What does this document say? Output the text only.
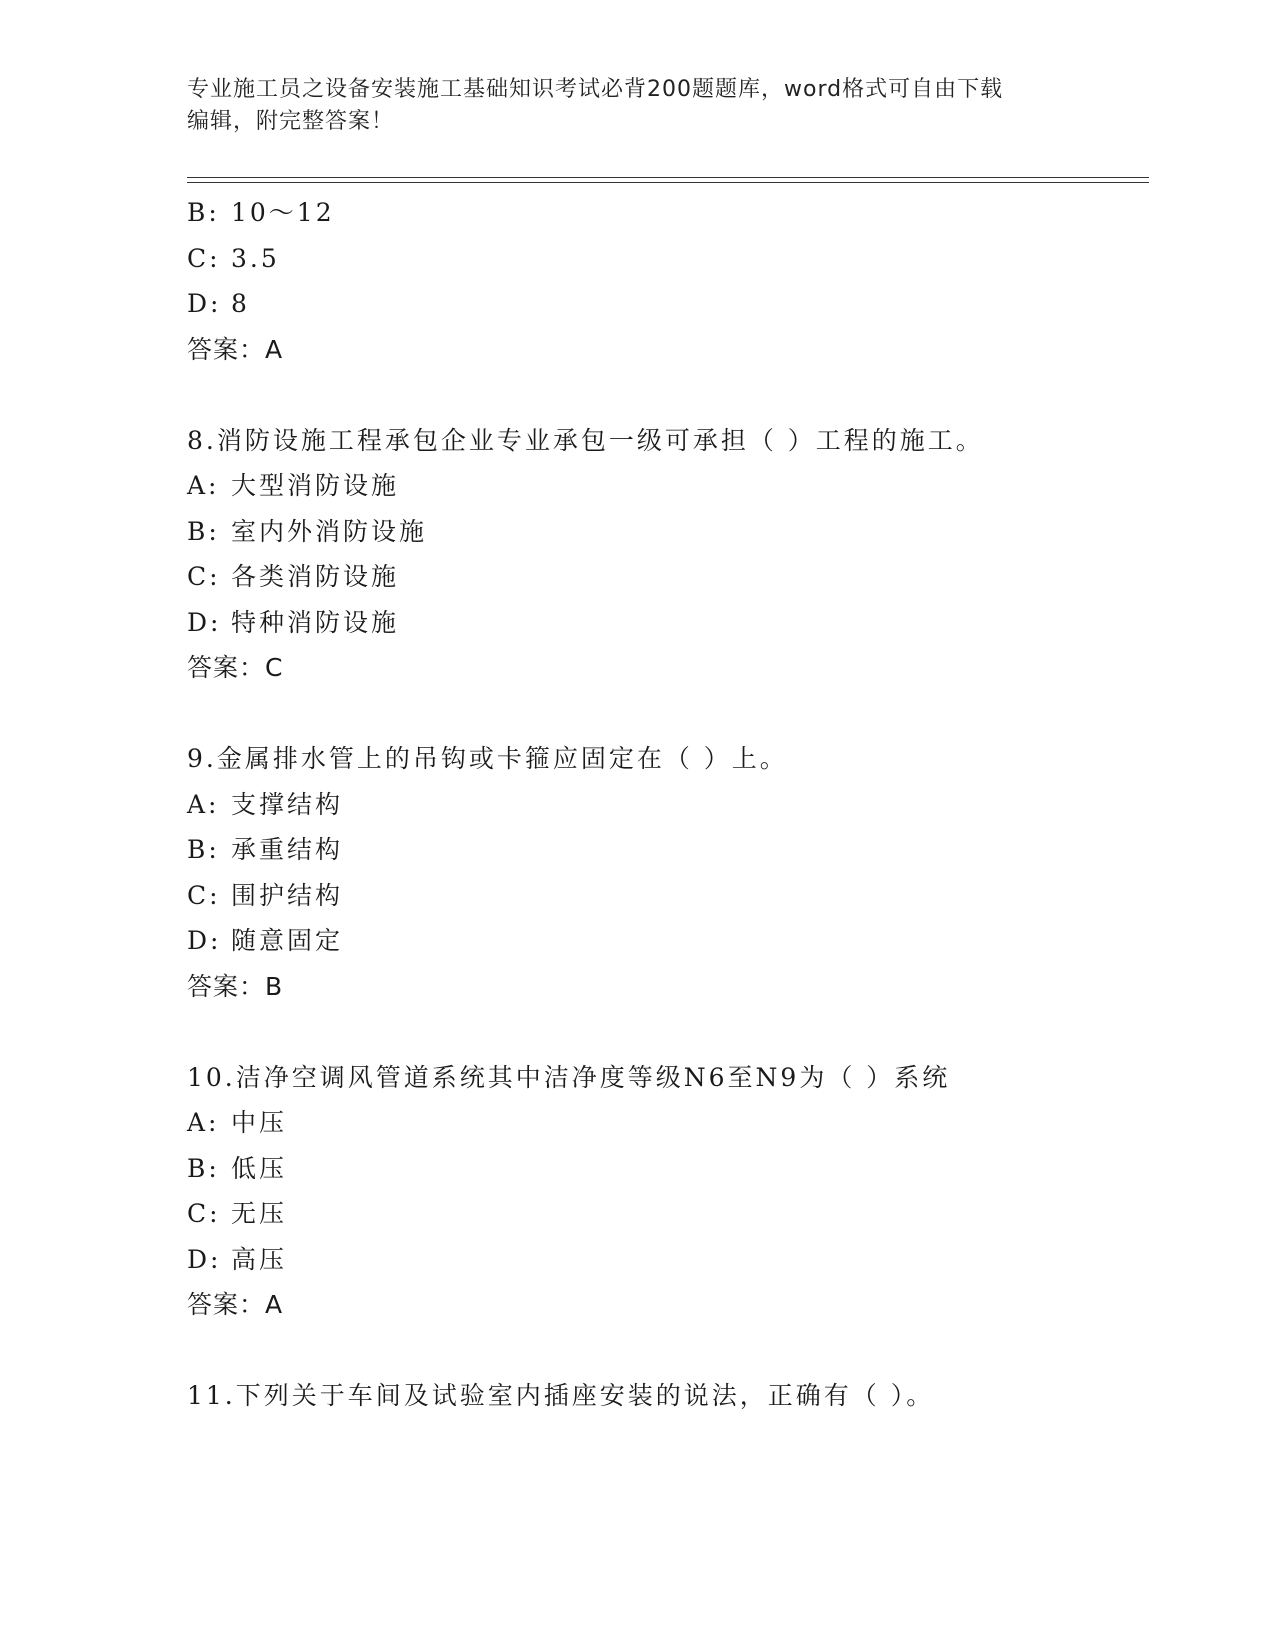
专业施工员之设备安装施工基础知识考试必背200题题库，word格式可自由下载
编辑，附完整答案！
B: 10～12
C: 3.5
D: 8
答案：A
8.消防设施工程承包企业专业承包一级可承担（ ）工程的施工。
A: 大型消防设施
B: 室内外消防设施
C: 各类消防设施
D: 特种消防设施
答案：C
9.金属排水管上的吊钩或卡箍应固定在（ ）上。
A: 支撑结构
B: 承重结构
C: 围护结构
D: 随意固定
答案：B
10.洁净空调风管道系统其中洁净度等级N6至N9为（ ）系统
A: 中压
B: 低压
C: 无压
D: 高压
答案：A
11.下列关于车间及试验室内插座安装的说法，正确有（ ）。
